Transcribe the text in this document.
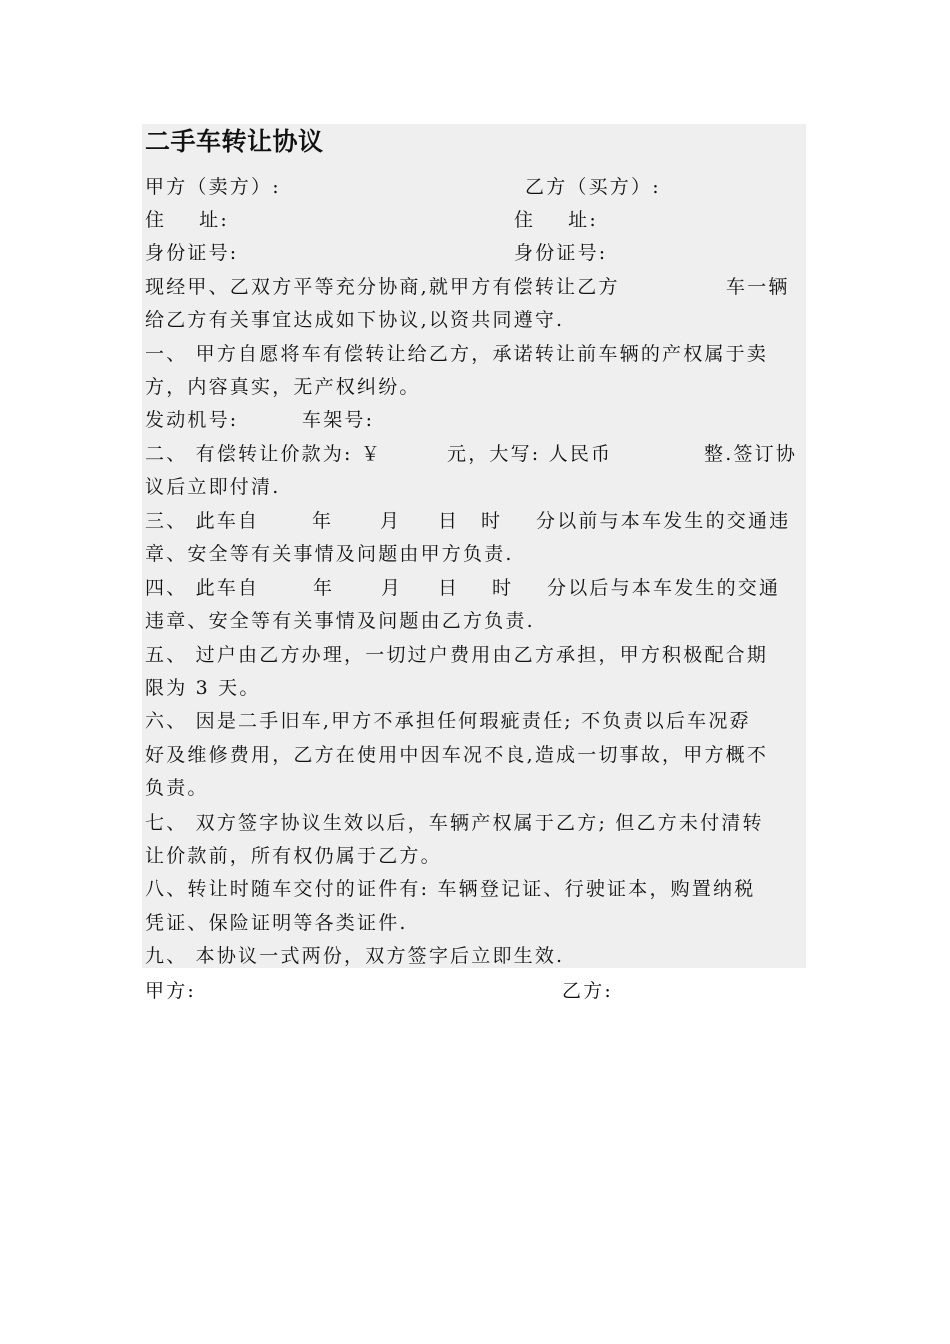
二手车转让协议
甲方（卖方）:	乙方（买方）:
住    址:	住    址:
身份证号:	身份证号:
现经甲、乙双方平等充分协商,就甲方有偿转让乙方	车一辆
给乙方有关事宜达成如下协议,以资共同遵守.
一、 甲方自愿将车有偿转让给乙方，承诺转让前车辆的产权属于卖
方，内容真实，无产权纠纷。
发动机号:	车架号:
二、 有偿转让价款为: ￥	元，大写: 人民币	整.签订协
议后立即付清.
三、 此车自	年 月 日 时 分以前与本车发生的交通违
章、安全等有关事情及问题由甲方负责.
四、 此车自	年 月 日 时 分以后与本车发生的交通
违章、安全等有关事情及问题由乙方负责.
五、 过户由乙方办理，一切过户费用由乙方承担，甲方积极配合期
限为 3 天。
六、 因是二手旧车,甲方不承担任何瑕疵责任; 不负责以后车况孬
好及维修费用，乙方在使用中因车况不良,造成一切事故，甲方概不
负责。
七、 双方签字协议生效以后，车辆产权属于乙方; 但乙方未付清转
让价款前，所有权仍属于乙方。
八、转让时随车交付的证件有: 车辆登记证、行驶证本，购置纳税
凭证、保险证明等各类证件.
九、 本协议一式两份，双方签字后立即生效.
甲方:	乙方:
